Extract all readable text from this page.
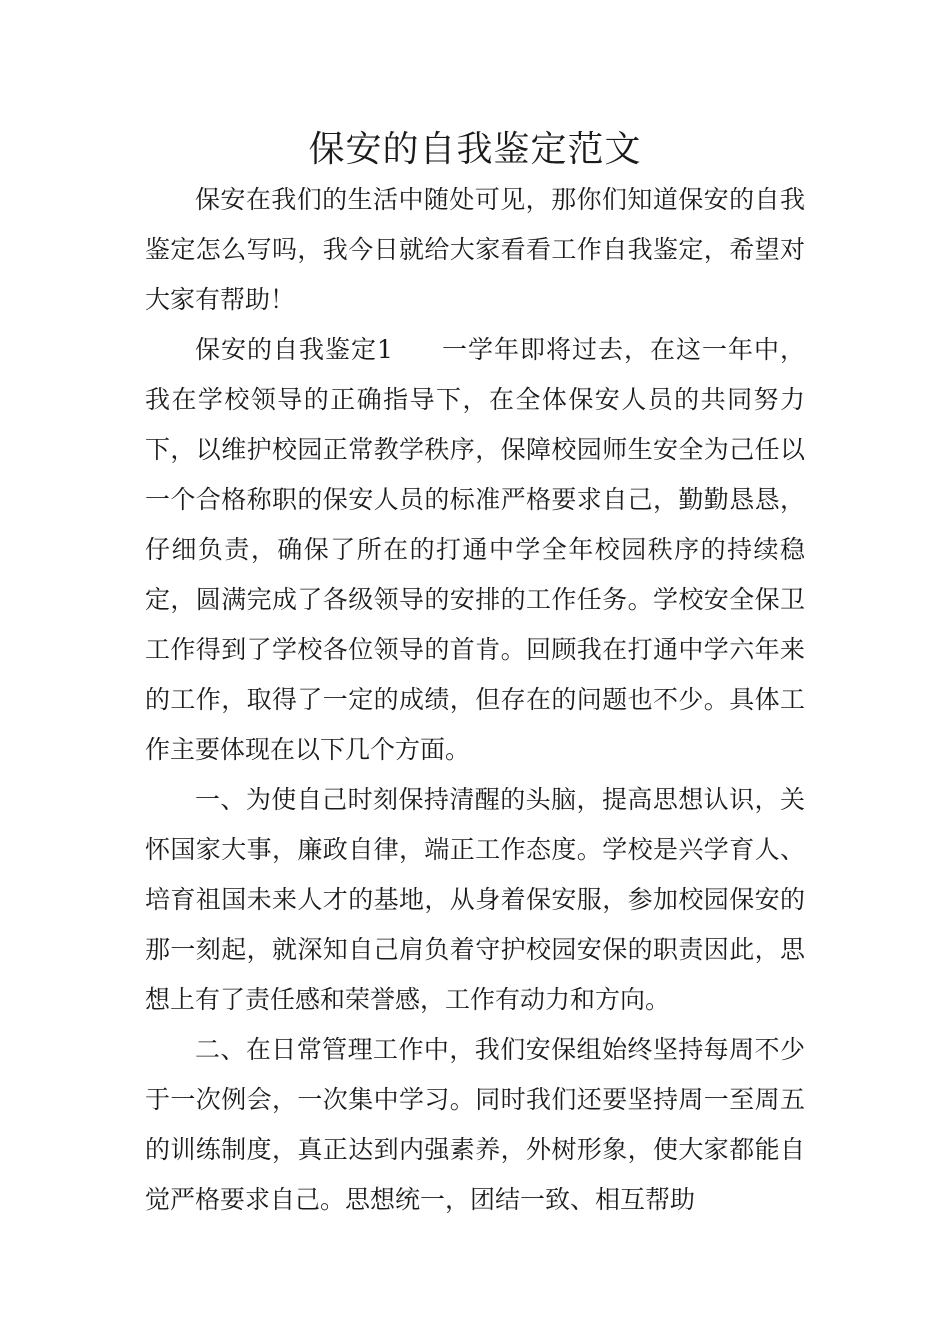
保安的自我鉴定范文

保安在我们的生活中随处可见，那你们知道保安的自我鉴定怎么写吗，我今日就给大家看看工作自我鉴定，希望对大家有帮助！

保安的自我鉴定1 一学年即将过去，在这一年中，我在学校领导的正确指导下，在全体保安人员的共同努力下，以维护校园正常教学秩序，保障校园师生安全为己任以一个合格称职的保安人员的标准严格要求自己，勤勤恳恳，仔细负责，确保了所在的打通中学全年校园秩序的持续稳定，圆满完成了各级领导的安排的工作任务。学校安全保卫工作得到了学校各位领导的首肯。回顾我在打通中学六年来的工作，取得了一定的成绩，但存在的问题也不少。具体工作主要体现在以下几个方面。

一、为使自己时刻保持清醒的头脑，提高思想认识，关怀国家大事，廉政自律，端正工作态度。学校是兴学育人、培育祖国未来人才的基地，从身着保安服，参加校园保安的那一刻起，就深知自己肩负着守护校园安保的职责因此，思想上有了责任感和荣誉感，工作有动力和方向。

二、在日常管理工作中，我们安保组始终坚持每周不少于一次例会，一次集中学习。同时我们还要坚持周一至周五的训练制度，真正达到内强素养，外树形象，使大家都能自觉严格要求自己。思想统一，团结一致、相互帮助
